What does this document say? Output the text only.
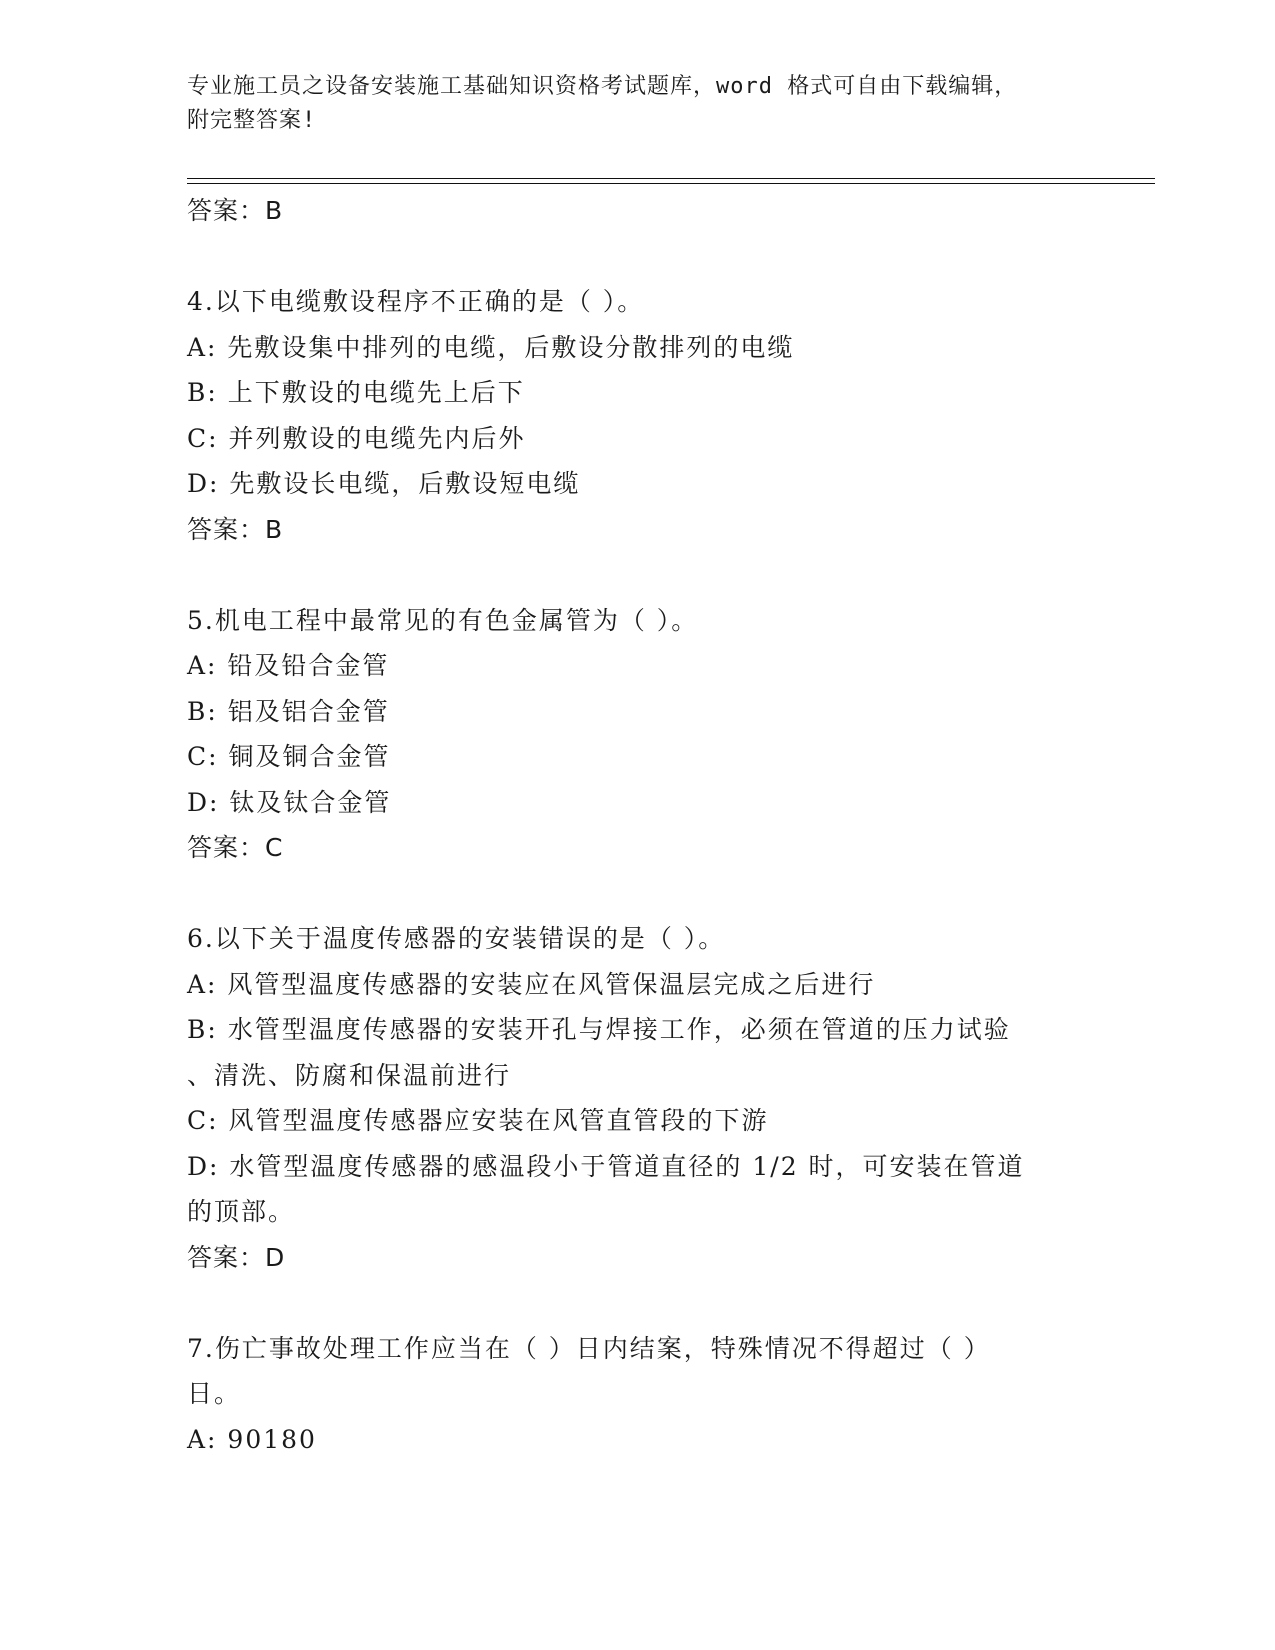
专业施工员之设备安装施工基础知识资格考试题库，word 格式可自由下载编辑，
附完整答案!
答案：B
4.以下电缆敷设程序不正确的是（ ）。
A: 先敷设集中排列的电缆，后敷设分散排列的电缆
B: 上下敷设的电缆先上后下
C: 并列敷设的电缆先内后外
D: 先敷设长电缆，后敷设短电缆
答案：B
5.机电工程中最常见的有色金属管为（ ）。
A: 铅及铅合金管
B: 铝及铝合金管
C: 铜及铜合金管
D: 钛及钛合金管
答案：C
6.以下关于温度传感器的安装错误的是（ ）。
A: 风管型温度传感器的安装应在风管保温层完成之后进行
B: 水管型温度传感器的安装开孔与焊接工作，必须在管道的压力试验
、清洗、防腐和保温前进行
C: 风管型温度传感器应安装在风管直管段的下游
D: 水管型温度传感器的感温段小于管道直径的 1/2 时，可安装在管道
的顶部。
答案：D
7.伤亡事故处理工作应当在（ ）日内结案，特殊情况不得超过（ ）
日。
A: 90180
